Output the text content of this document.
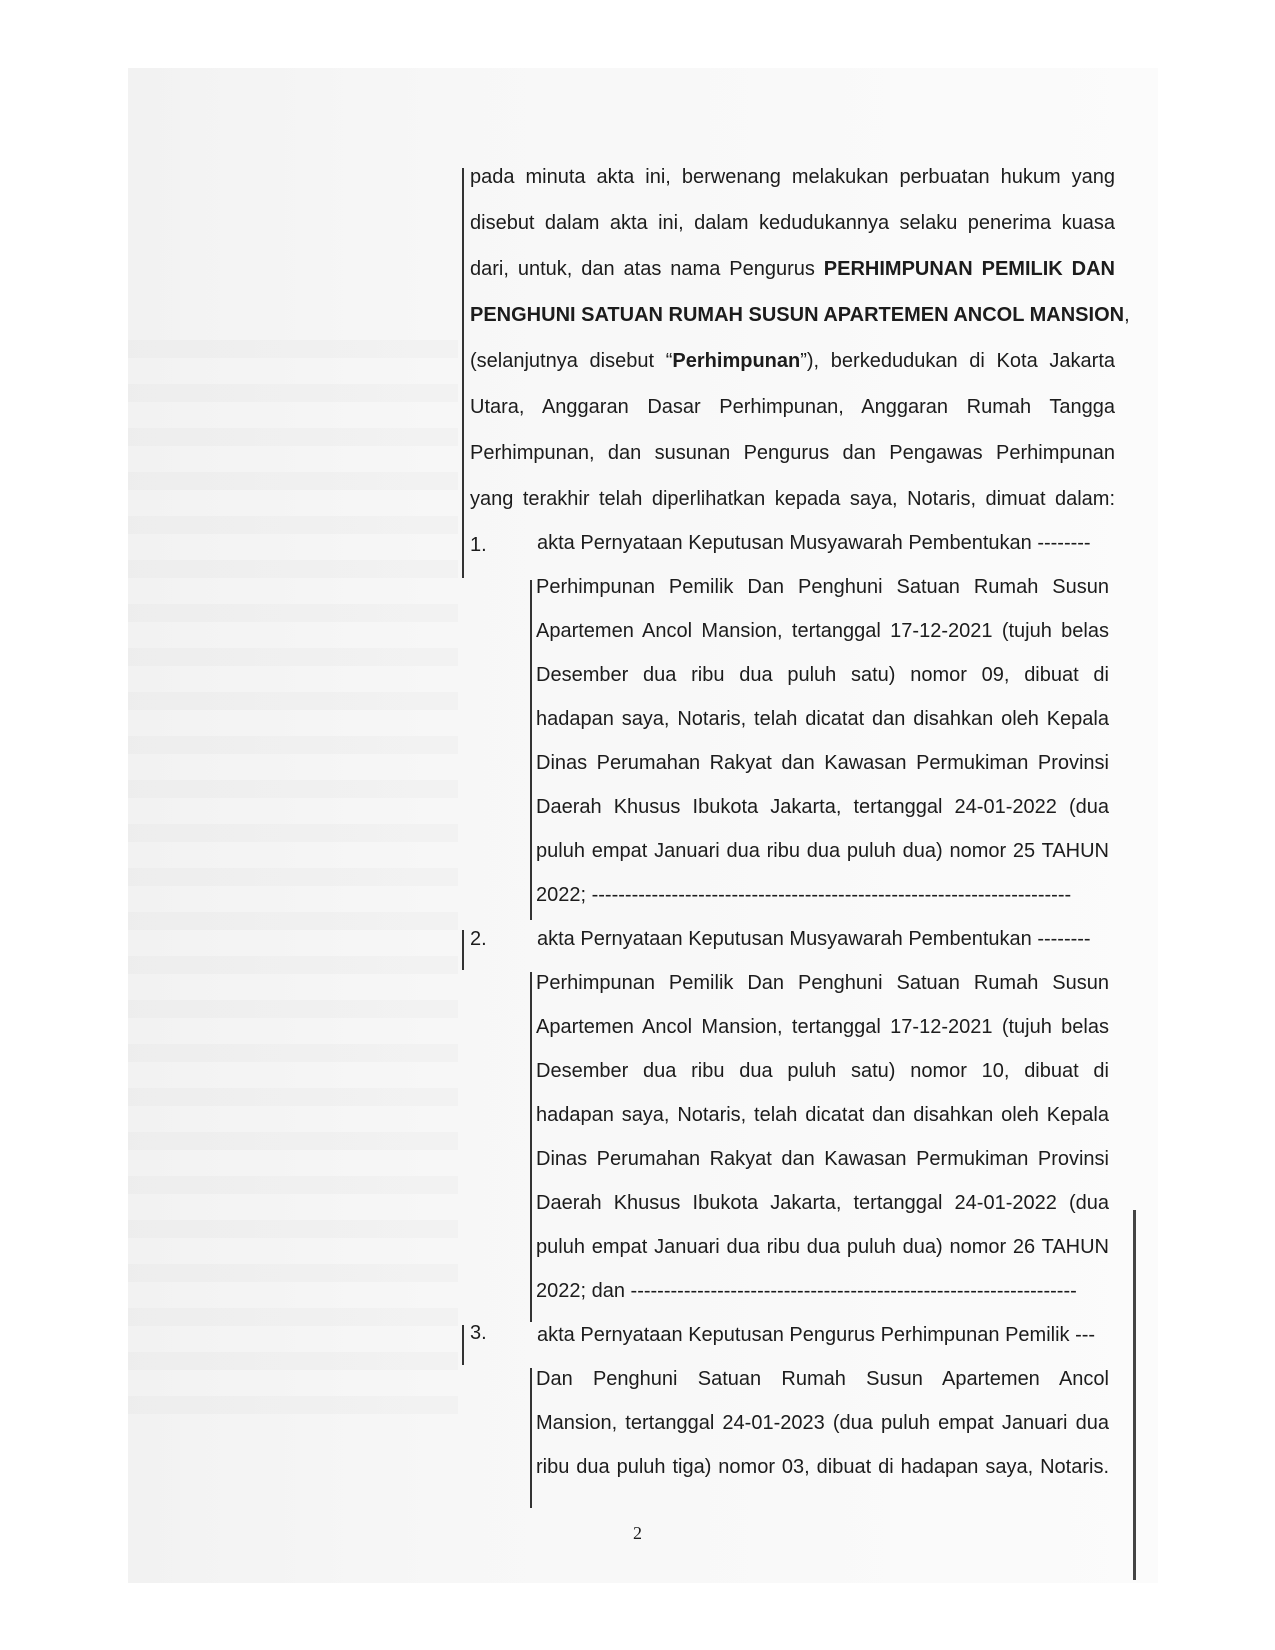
pada minuta akta ini, berwenang melakukan perbuatan hukum yang

disebut dalam akta ini, dalam kedudukannya selaku penerima kuasa

dari, untuk, dan atas nama Pengurus PERHIMPUNAN PEMILIK DAN

PENGHUNI SATUAN RUMAH SUSUN APARTEMEN ANCOL MANSION,

(selanjutnya disebut “Perhimpunan”), berkedudukan di Kota Jakarta

Utara, Anggaran Dasar Perhimpunan, Anggaran Rumah Tangga

Perhimpunan, dan susunan Pengurus dan Pengawas Perhimpunan

yang terakhir telah diperlihatkan kepada saya, Notaris, dimuat dalam:

1.	akta Pernyataan Keputusan Musyawarah Pembentukan --------

Perhimpunan Pemilik Dan Penghuni Satuan Rumah Susun

Apartemen Ancol Mansion, tertanggal 17-12-2021 (tujuh belas

Desember dua ribu dua puluh satu) nomor 09, dibuat di

hadapan saya, Notaris, telah dicatat dan disahkan oleh Kepala

Dinas Perumahan Rakyat dan Kawasan Permukiman Provinsi

Daerah Khusus Ibukota Jakarta, tertanggal 24-01-2022 (dua

puluh empat Januari dua ribu dua puluh dua) nomor 25 TAHUN

2022; ------------------------------------------------------------------------

2.	akta Pernyataan Keputusan Musyawarah Pembentukan --------

Perhimpunan Pemilik Dan Penghuni Satuan Rumah Susun

Apartemen Ancol Mansion, tertanggal 17-12-2021 (tujuh belas

Desember dua ribu dua puluh satu) nomor 10, dibuat di

hadapan saya, Notaris, telah dicatat dan disahkan oleh Kepala

Dinas Perumahan Rakyat dan Kawasan Permukiman Provinsi

Daerah Khusus Ibukota Jakarta, tertanggal 24-01-2022 (dua

puluh empat Januari dua ribu dua puluh dua) nomor 26 TAHUN

2022; dan -------------------------------------------------------------------

3.	akta Pernyataan Keputusan Pengurus Perhimpunan Pemilik ---

Dan Penghuni Satuan Rumah Susun Apartemen Ancol

Mansion, tertanggal 24-01-2023 (dua puluh empat Januari dua

ribu dua puluh tiga) nomor 03, dibuat di hadapan saya, Notaris.

2
